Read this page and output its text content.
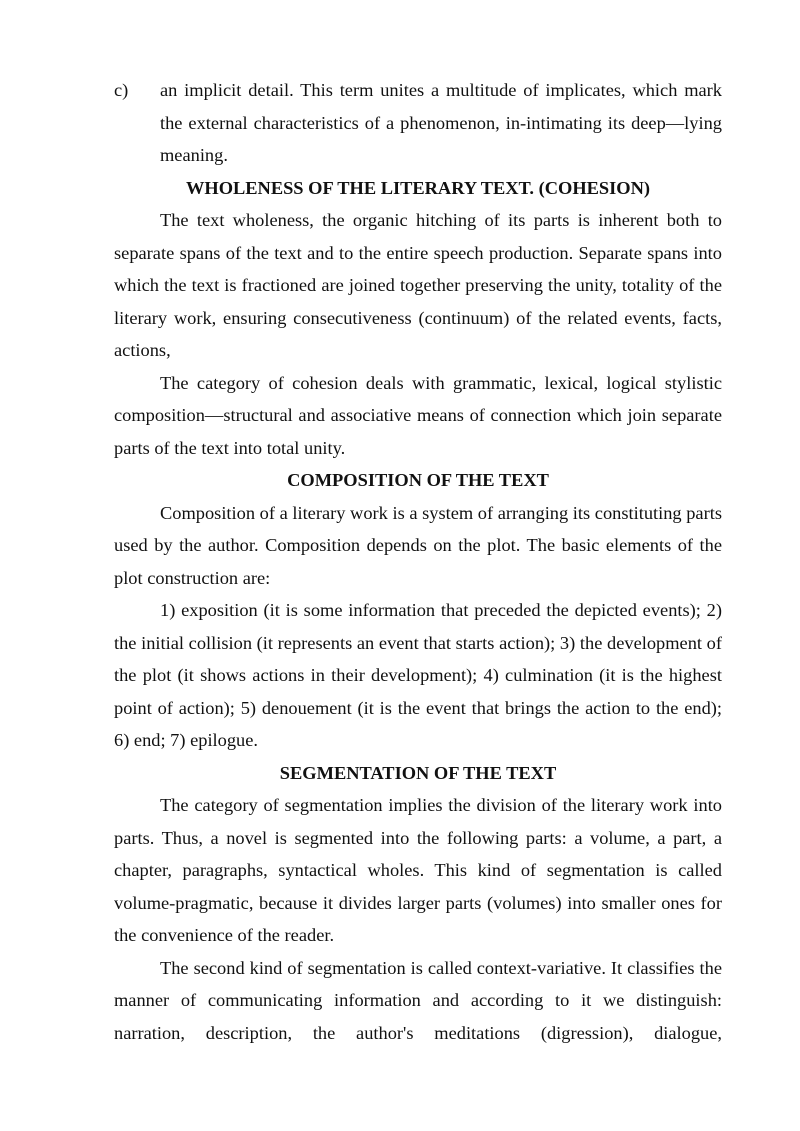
c)	an implicit detail. This term unites a multitude of implicates, which mark the external characteristics of a phenomenon, in-intimating its deep—lying meaning.

WHOLENESS OF THE LITERARY TEXT. (COHESION)

The text wholeness, the organic hitching of its parts is inherent both to separate spans of the text and to the entire speech production. Separate spans into which the text is fractioned are joined together preserving the unity, totality of the literary work, ensuring consecutiveness (continuum) of the related events, facts, actions,

The category of cohesion deals with grammatic, lexical, logical stylistic composition—structural and associative means of connection which join separate parts of the text into total unity.

COMPOSITION OF THE TEXT

Composition of a literary work is a system of arranging its constituting parts used by the author. Composition depends on the plot. The basic elements of the plot construction are:

1) exposition (it is some information that preceded the depicted events); 2) the initial collision (it represents an event that starts action); 3) the development of the plot (it shows actions in their development); 4) culmination (it is the highest point of action); 5) denouement (it is the event that brings the action to the end); 6) end; 7) epilogue.

SEGMENTATION OF THE TEXT

The category of segmentation implies the division of the literary work into parts. Thus, a novel is segmented into the following parts: a volume, a part, a chapter, paragraphs, syntactical wholes. This kind of segmentation is called volume-pragmatic, because it divides larger parts (volumes) into smaller ones for the convenience of the reader.

The second kind of segmentation is called context-variative. It classifies the manner of communicating information and according to it we distinguish: narration, description, the author's meditations (digression), dialogue,
